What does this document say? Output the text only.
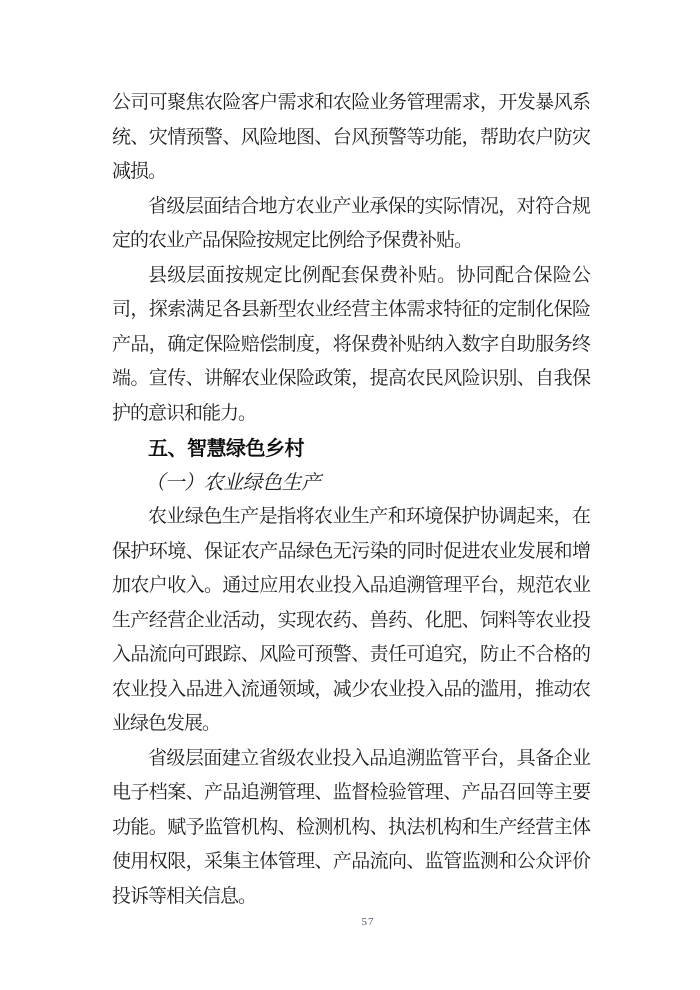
公司可聚焦农险客户需求和农险业务管理需求，开发暴风系
统、灾情预警、风险地图、台风预警等功能，帮助农户防灾
减损。
省级层面结合地方农业产业承保的实际情况，对符合规
定的农业产品保险按规定比例给予保费补贴。
县级层面按规定比例配套保费补贴。协同配合保险公
司，探索满足各县新型农业经营主体需求特征的定制化保险
产品，确定保险赔偿制度，将保费补贴纳入数字自助服务终
端。宣传、讲解农业保险政策，提高农民风险识别、自我保
护的意识和能力。
五、智慧绿色乡村
（一）农业绿色生产
农业绿色生产是指将农业生产和环境保护协调起来，在
保护环境、保证农产品绿色无污染的同时促进农业发展和增
加农户收入。通过应用农业投入品追溯管理平台，规范农业
生产经营企业活动，实现农药、兽药、化肥、饲料等农业投
入品流向可跟踪、风险可预警、责任可追究，防止不合格的
农业投入品进入流通领域，减少农业投入品的滥用，推动农
业绿色发展。
省级层面建立省级农业投入品追溯监管平台，具备企业
电子档案、产品追溯管理、监督检验管理、产品召回等主要
功能。赋予监管机构、检测机构、执法机构和生产经营主体
使用权限，采集主体管理、产品流向、监管监测和公众评价
投诉等相关信息。
57
